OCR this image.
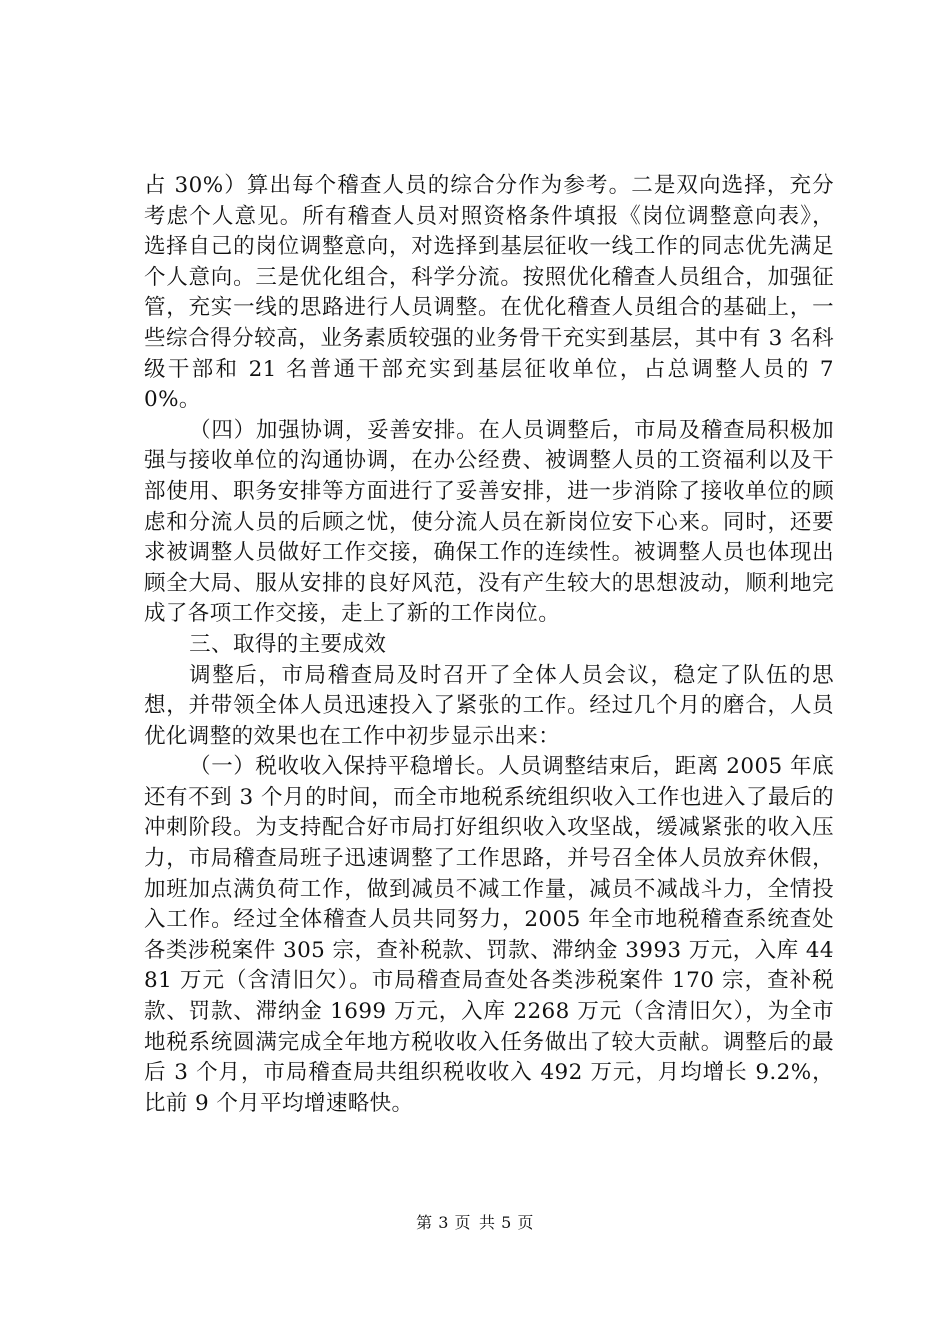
占 30%）算出每个稽查人员的综合分作为参考。二是双向选择，充分考虑个人意见。所有稽查人员对照资格条件填报《岗位调整意向表》，选择自己的岗位调整意向，对选择到基层征收一线工作的同志优先满足个人意向。三是优化组合，科学分流。按照优化稽查人员组合，加强征管，充实一线的思路进行人员调整。在优化稽查人员组合的基础上，一些综合得分较高，业务素质较强的业务骨干充实到基层，其中有 3 名科级干部和 21 名普通干部充实到基层征收单位，占总调整人员的 70%。

（四）加强协调，妥善安排。在人员调整后，市局及稽查局积极加强与接收单位的沟通协调，在办公经费、被调整人员的工资福利以及干部使用、职务安排等方面进行了妥善安排，进一步消除了接收单位的顾虑和分流人员的后顾之忧，使分流人员在新岗位安下心来。同时，还要求被调整人员做好工作交接，确保工作的连续性。被调整人员也体现出顾全大局、服从安排的良好风范，没有产生较大的思想波动，顺利地完成了各项工作交接，走上了新的工作岗位。

三、取得的主要成效

调整后，市局稽查局及时召开了全体人员会议，稳定了队伍的思想，并带领全体人员迅速投入了紧张的工作。经过几个月的磨合，人员优化调整的效果也在工作中初步显示出来：

（一）税收收入保持平稳增长。人员调整结束后，距离 2005 年底还有不到 3 个月的时间，而全市地税系统组织收入工作也进入了最后的冲刺阶段。为支持配合好市局打好组织收入攻坚战，缓减紧张的收入压力，市局稽查局班子迅速调整了工作思路，并号召全体人员放弃休假，加班加点满负荷工作，做到减员不减工作量，减员不减战斗力，全情投入工作。经过全体稽查人员共同努力，2005 年全市地税稽查系统查处各类涉税案件 305 宗，查补税款、罚款、滞纳金 3993 万元，入库 4481 万元（含清旧欠）。市局稽查局查处各类涉税案件 170 宗，查补税款、罚款、滞纳金 1699 万元，入库 2268 万元（含清旧欠），为全市地税系统圆满完成全年地方税收收入任务做出了较大贡献。调整后的最后 3 个月，市局稽查局共组织税收收入 492 万元，月均增长 9.2%，比前 9 个月平均增速略快。

第 3 页 共 5 页
